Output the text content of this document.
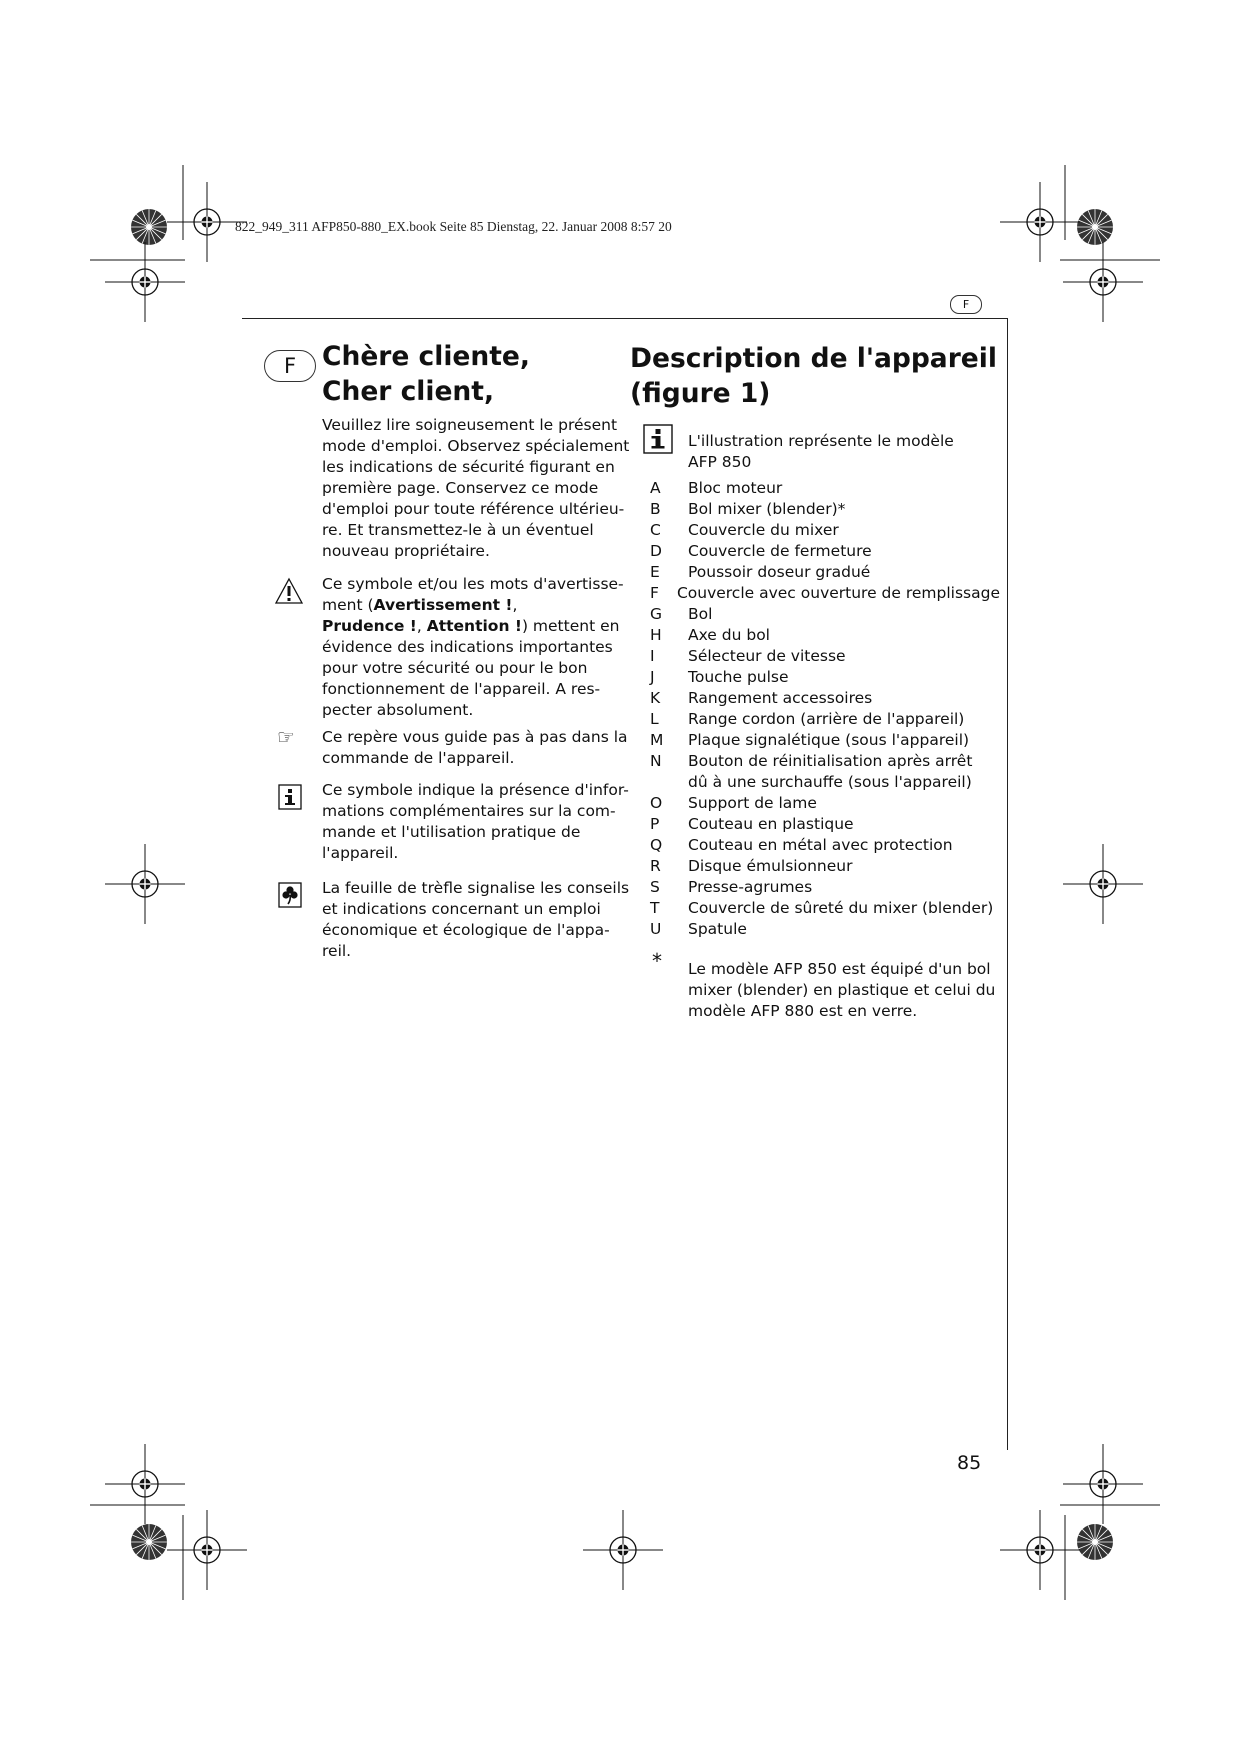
822_949_311 AFP850-880_EX.book Seite 85 Dienstag, 22. Januar 2008 8:57 20
F
F Chère cliente,
Cher client,
Veuillez lire soigneusement le présent
mode d'emploi. Observez spécialement
les indications de sécurité figurant en
première page. Conservez ce mode
d'emploi pour toute référence ultérieu-
re. Et transmettez-le à un éventuel
nouveau propriétaire.
Ce symbole et/ou les mots d'avertisse-
ment (Avertissement !,
Prudence !, Attention !) mettent en
évidence des indications importantes
pour votre sécurité ou pour le bon
fonctionnement de l'appareil. A res-
pecter absolument.
☞ Ce repère vous guide pas à pas dans la
commande de l'appareil.
Ce symbole indique la présence d'infor-
mations complémentaires sur la com-
mande et l'utilisation pratique de
l'appareil.
La feuille de trèfle signalise les conseils
et indications concernant un emploi
économique et écologique de l'appa-
reil.
Description de l'appareil
(figure 1)
L'illustration représente le modèle
AFP 850
A	Bloc moteur
B	Bol mixer (blender)*
C	Couvercle du mixer
D	Couvercle de fermeture
E	Poussoir doseur gradué
F	Couvercle avec ouverture de remplissage
G	Bol
H	Axe du bol
I	Sélecteur de vitesse
J	Touche pulse
K	Rangement accessoires
L	Range cordon (arrière de l'appareil)
M	Plaque signalétique (sous l'appareil)
N	Bouton de réinitialisation après arrêt
dû à une surchauffe (sous l'appareil)
O	Support de lame
P	Couteau en plastique
Q	Couteau en métal avec protection
R	Disque émulsionneur
S	Presse-agrumes
T	Couvercle de sûreté du mixer (blender)
U	Spatule
* Le modèle AFP 850 est équipé d'un bol
mixer (blender) en plastique et celui du
modèle AFP 880 est en verre.
85
